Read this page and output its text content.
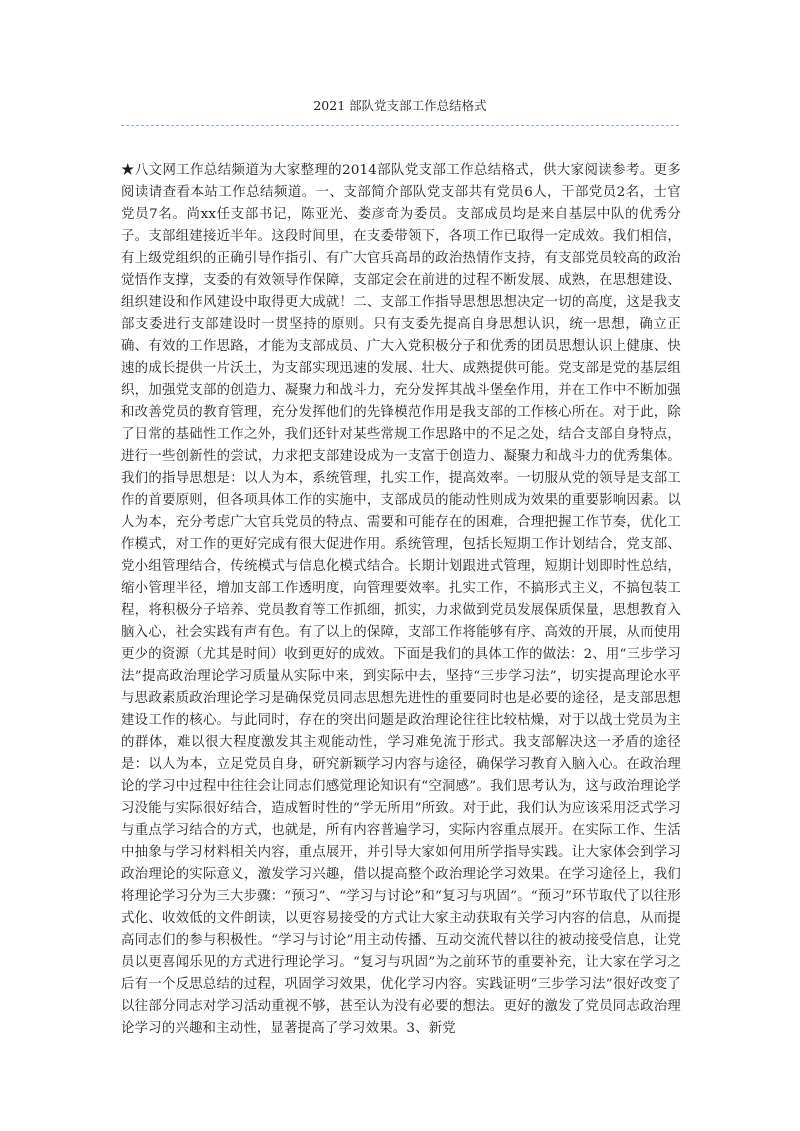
2021 部队党支部工作总结格式

★八文网工作总结频道为大家整理的2014部队党支部工作总结格式，供大家阅读参考。更多阅读请查看本站工作总结频道。一、支部简介部队党支部共有党员6人，干部党员2名，士官党员7名。尚xx任支部书记，陈亚光、娄彦奇为委员。支部成员均是来自基层中队的优秀分子。支部组建接近半年。这段时间里，在支委带领下，各项工作已取得一定成效。我们相信，有上级党组织的正确引导作指引、有广大官兵高昂的政治热情作支持，有支部党员较高的政治觉悟作支撑，支委的有效领导作保障，支部定会在前进的过程不断发展、成熟，在思想建设、组织建设和作风建设中取得更大成就！二、支部工作指导思想思想决定一切的高度，这是我支部支委进行支部建设时一贯坚持的原则。只有支委先提高自身思想认识，统一思想，确立正确、有效的工作思路，才能为支部成员、广大入党积极分子和优秀的团员思想认识上健康、快速的成长提供一片沃土，为支部实现迅速的发展、壮大、成熟提供可能。党支部是党的基层组织，加强党支部的创造力、凝聚力和战斗力，充分发挥其战斗堡垒作用，并在工作中不断加强和改善党员的教育管理，充分发挥他们的先锋模范作用是我支部的工作核心所在。对于此，除了日常的基础性工作之外，我们还针对某些常规工作思路中的不足之处，结合支部自身特点，进行一些创新性的尝试，力求把支部建设成为一支富于创造力、凝聚力和战斗力的优秀集体。我们的指导思想是：以人为本，系统管理，扎实工作，提高效率。一切服从党的领导是支部工作的首要原则，但各项具体工作的实施中，支部成员的能动性则成为效果的重要影响因素。以人为本，充分考虑广大官兵党员的特点、需要和可能存在的困难，合理把握工作节奏，优化工作模式，对工作的更好完成有很大促进作用。系统管理，包括长短期工作计划结合，党支部、党小组管理结合，传统模式与信息化模式结合。长期计划跟进式管理，短期计划即时性总结，缩小管理半径，增加支部工作透明度，向管理要效率。扎实工作，不搞形式主义，不搞包装工程，将积极分子培养、党员教育等工作抓细，抓实，力求做到党员发展保质保量，思想教育入脑入心，社会实践有声有色。有了以上的保障，支部工作将能够有序、高效的开展，从而使用更少的资源（尤其是时间）收到更好的成效。下面是我们的具体工作的做法：2、用“三步学习法”提高政治理论学习质量从实际中来，到实际中去，坚持“三步学习法”，切实提高理论水平与思政素质政治理论学习是确保党员同志思想先进性的重要同时也是必要的途径，是支部思想建设工作的核心。与此同时，存在的突出问题是政治理论往往比较枯燥，对于以战士党员为主的群体，难以很大程度激发其主观能动性，学习难免流于形式。我支部解决这一矛盾的途径是：以人为本，立足党员自身，研究新颖学习内容与途径，确保学习教育入脑入心。在政治理论的学习中过程中往往会让同志们感觉理论知识有“空洞感”。我们思考认为，这与政治理论学习没能与实际很好结合，造成暂时性的“学无所用”所致。对于此，我们认为应该采用泛式学习与重点学习结合的方式，也就是，所有内容普遍学习，实际内容重点展开。在实际工作、生活中抽象与学习材料相关内容，重点展开，并引导大家如何用所学指导实践。让大家体会到学习政治理论的实际意义，激发学习兴趣，借以提高整个政治理论学习效果。在学习途径上，我们将理论学习分为三大步骤：“预习”、“学习与讨论”和“复习与巩固”。“预习”环节取代了以往形式化、收效低的文件朗读，以更容易接受的方式让大家主动获取有关学习内容的信息，从而提高同志们的参与积极性。“学习与讨论”用主动传播、互动交流代替以往的被动接受信息，让党员以更喜闻乐见的方式进行理论学习。“复习与巩固”为之前环节的重要补充，让大家在学习之后有一个反思总结的过程，巩固学习效果，优化学习内容。实践证明“三步学习法”很好改变了以往部分同志对学习活动重视不够，甚至认为没有必要的想法。更好的激发了党员同志政治理论学习的兴趣和主动性，显著提高了学习效果。3、新党
